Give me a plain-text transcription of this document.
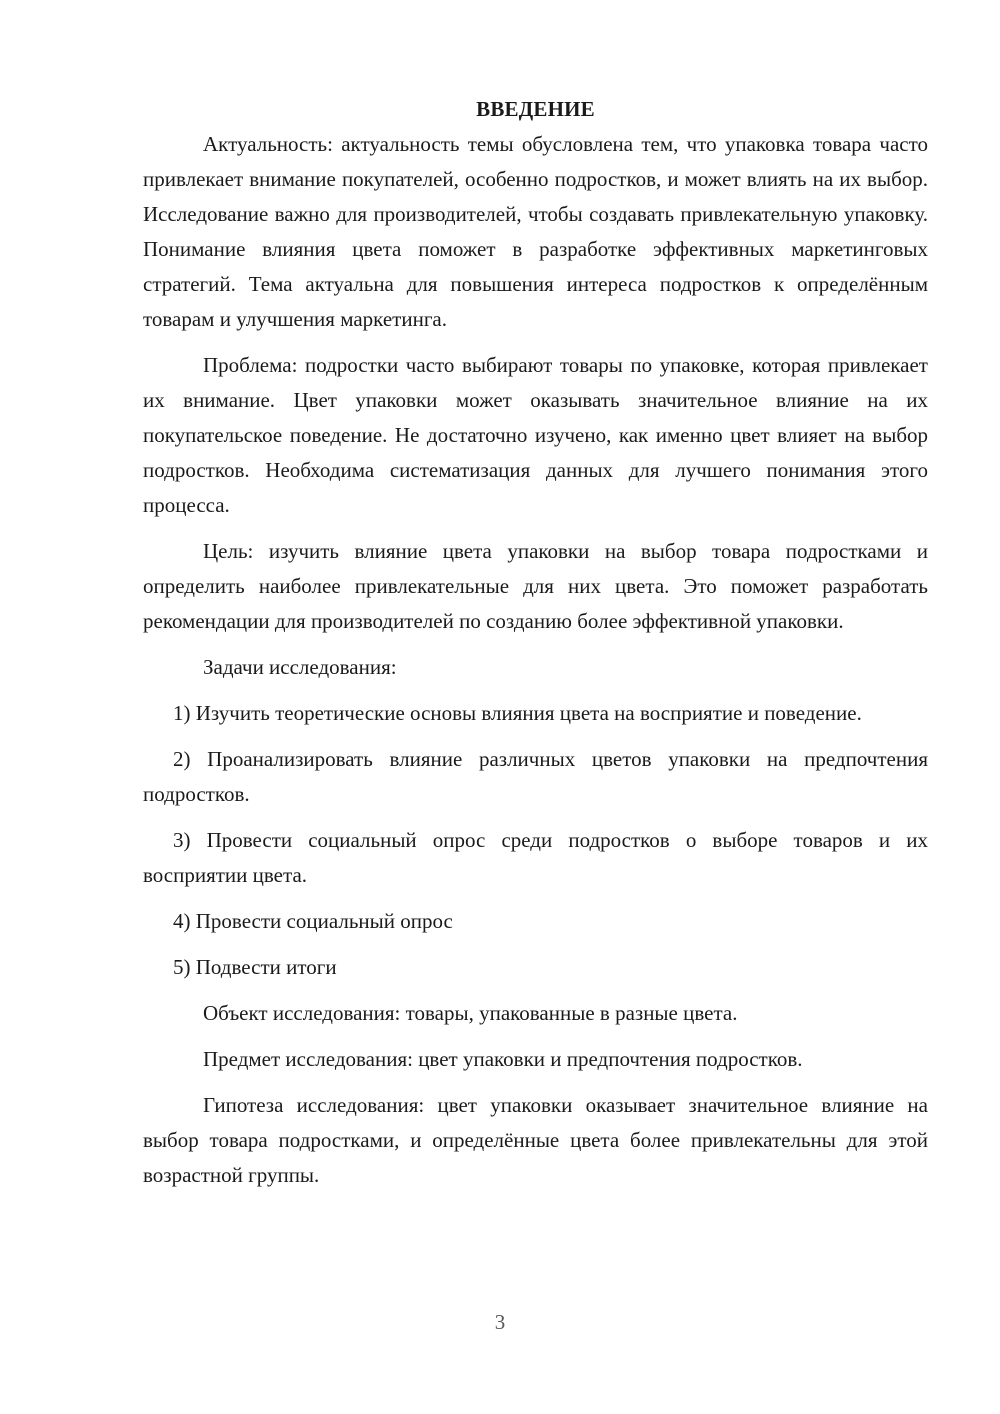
ВВЕДЕНИЕ

Актуальность: актуальность темы обусловлена тем, что упаковка товара часто привлекает внимание покупателей, особенно подростков, и может влиять на их выбор. Исследование важно для производителей, чтобы создавать привлекательную упаковку. Понимание влияния цвета поможет в разработке эффективных маркетинговых стратегий. Тема актуальна для повышения интереса подростков к определённым товарам и улучшения маркетинга.

Проблема: подростки часто выбирают товары по упаковке, которая привлекает их внимание. Цвет упаковки может оказывать значительное влияние на их покупательское поведение. Не достаточно изучено, как именно цвет влияет на выбор подростков. Необходима систематизация данных для лучшего понимания этого процесса.

Цель: изучить влияние цвета упаковки на выбор товара подростками и определить наиболее привлекательные для них цвета. Это поможет разработать рекомендации для производителей по созданию более эффективной упаковки.

Задачи исследования:

1) Изучить теоретические основы влияния цвета на восприятие и поведение.

2) Проанализировать влияние различных цветов упаковки на предпочтения подростков.

3) Провести социальный опрос среди подростков о выборе товаров и их восприятии цвета.

4) Провести социальный опрос

5) Подвести итоги

Объект исследования: товары, упакованные в разные цвета.

Предмет исследования: цвет упаковки и предпочтения подростков.

Гипотеза исследования: цвет упаковки оказывает значительное влияние на выбор товара подростками, и определённые цвета более привлекательны для этой возрастной группы.

3
